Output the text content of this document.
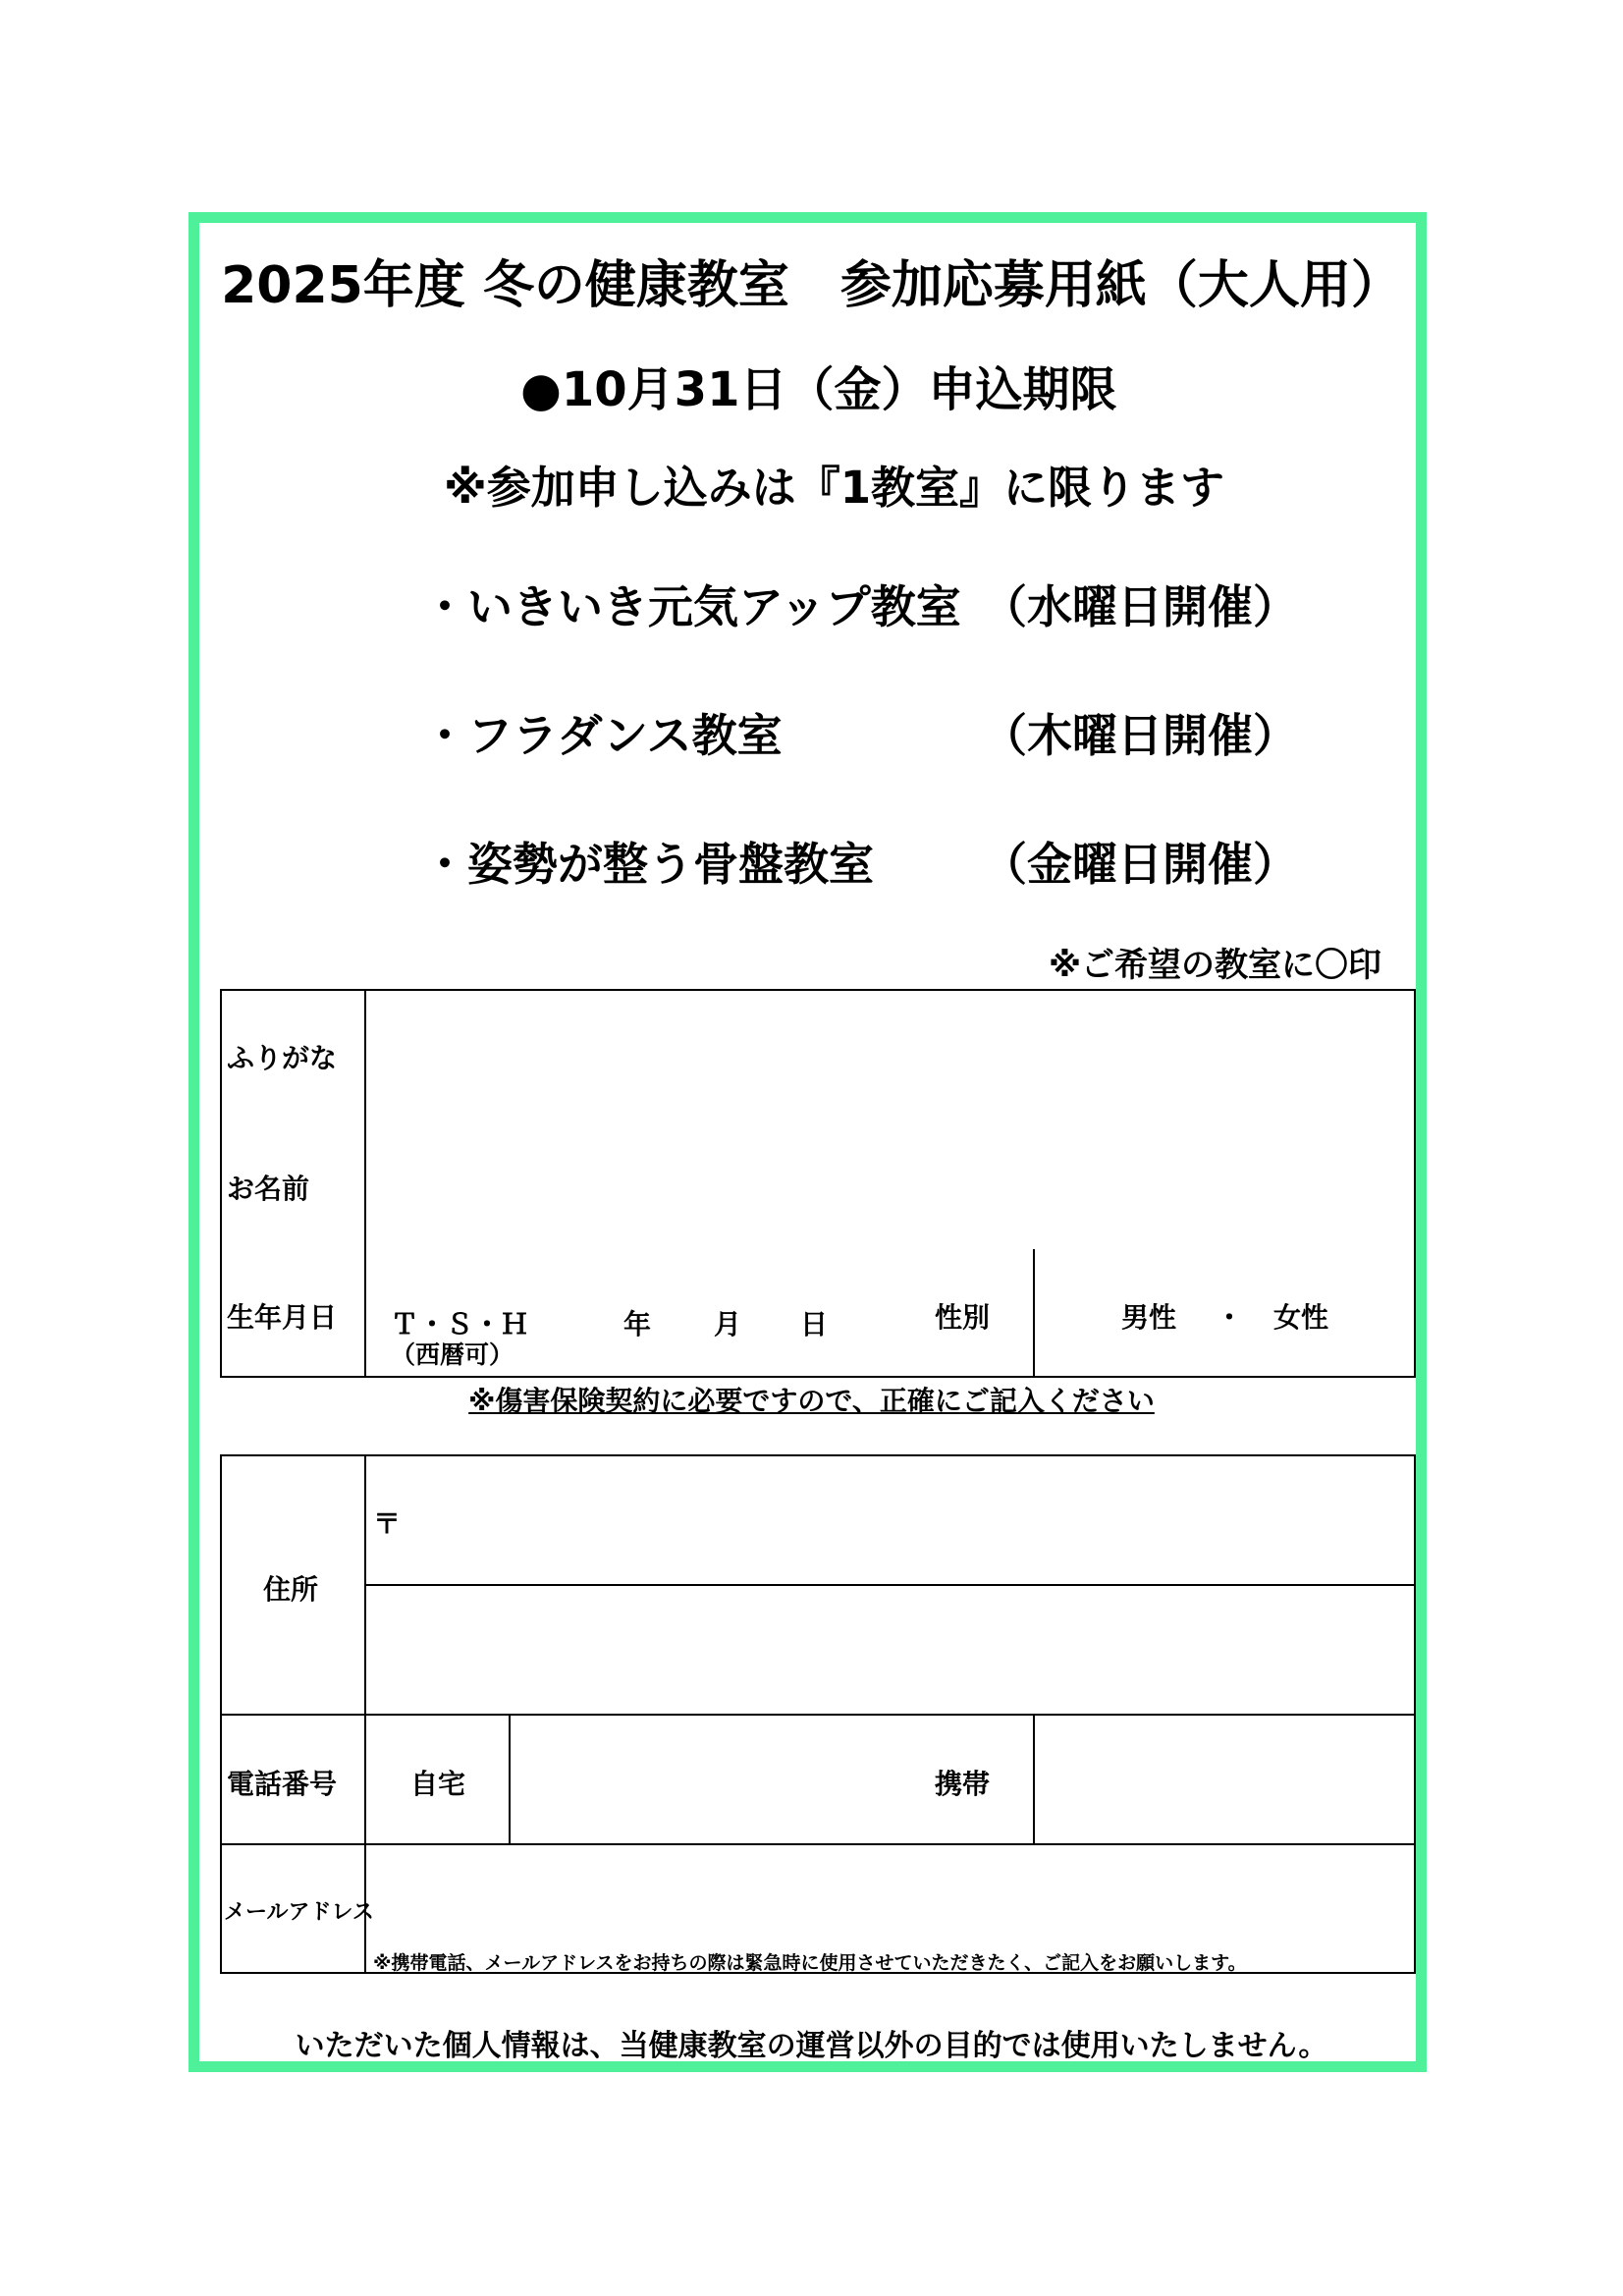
2025年度 冬の健康教室　参加応募用紙（大人用）
●10月31日（金）申込期限
※参加申し込みは『1教室』に限ります
・いきいき元気アップ教室 （水曜日開催）
・フラダンス教室	（木曜日開催）
・姿勢が整う骨盤教室 （金曜日開催）
※ご希望の教室に〇印
ふりがな
お名前
生年月日 Ｔ・Ｓ・Ｈ	年 月 日
（西暦可）
性別	男性 ・ 女性
※傷害保険契約に必要ですので、正確にご記入ください
住所
〒
電話番号	自宅	携帯
メールアドレス
※携帯電話、メールアドレスをお持ちの際は緊急時に使用させていただきたく、ご記入をお願いします。
いただいた個人情報は、当健康教室の運営以外の目的では使用いたしません。
